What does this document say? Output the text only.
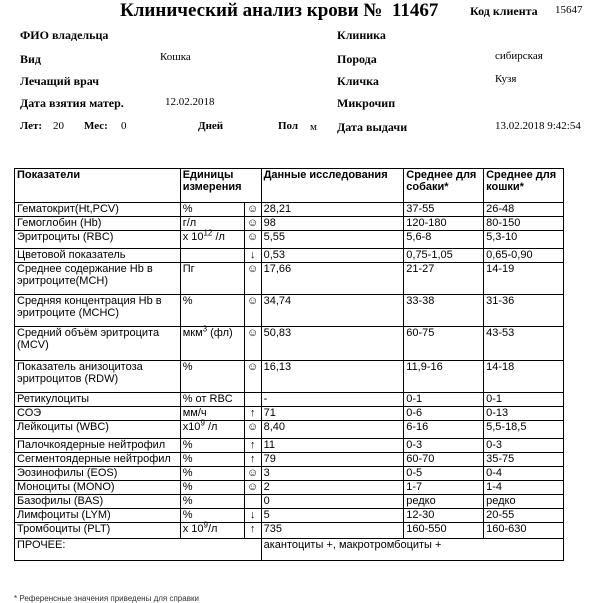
Клинический анализ крови № 11467	Код клиента 15647
ФИО владельца
Вид	Кошка
Лечащий врач
Дата взятия матер.	12.02.2018
Лет: 20 Мес: 0	Дней	Пол м
Клиника
Порода	сибирская
Кличка	Кузя
Микрочип
Дата выдачи	13.02.2018 9:42:54
Показатели	Единицы измерения		Данные исследования	Среднее для собаки*	Среднее для кошки*
Гематокрит(Ht,PCV)	%	☺	28,21	37-55	26-48
Гемоглобин (Hb)	г/л	☺	98	120-180	80-150
Эритроциты (RBC)	x $10^{12}$ /л	☺	5,55	5,6-8	5,3-10
Цветовой показатель		↓	0,53	0,75-1,05	0,65-0,90
Среднее содержание Hb в эритроците(МСН)	Пг	☺	17,66	21-27	14-19
Средняя концентрация Hb в эритроците (МСНС)	%	☺	34,74	33-38	31-36
Средний объём эритроцита (MCV)	мкм$^3$ (фл)	☺	50,83	60-75	43-53
Показатель анизоцитоза эритроцитов (RDW)	%	☺	16,13	11,9-16	14-18
Ретикулоциты	% от RBC		-	0-1	0-1
СОЭ	мм/ч	↑	71	0-6	0-13
Лейкоциты (WBC)	$x10^9$ /л	☺	8,40	6-16	5,5-18,5
Палочкоядерные нейтрофил	%	↑	11	0-3	0-3
Сегментоядерные нейтрофил	%	↑	79	60-70	35-75
Эозинофилы (EOS)	%	☺	3	0-5	0-4
Моноциты (MONO)	%	☺	2	1-7	1-4
Базофилы (BAS)	%		0	редко	редко
Лимфоциты (LYM)	%	↓	5	12-30	20-55
Тромбоциты (PLT)	x $10^9/л$	↑	735	160-550	160-630
ПРОЧЕЕ:			акантоциты +, макротромбоциты +		
* Референсные значения приведены для справки
